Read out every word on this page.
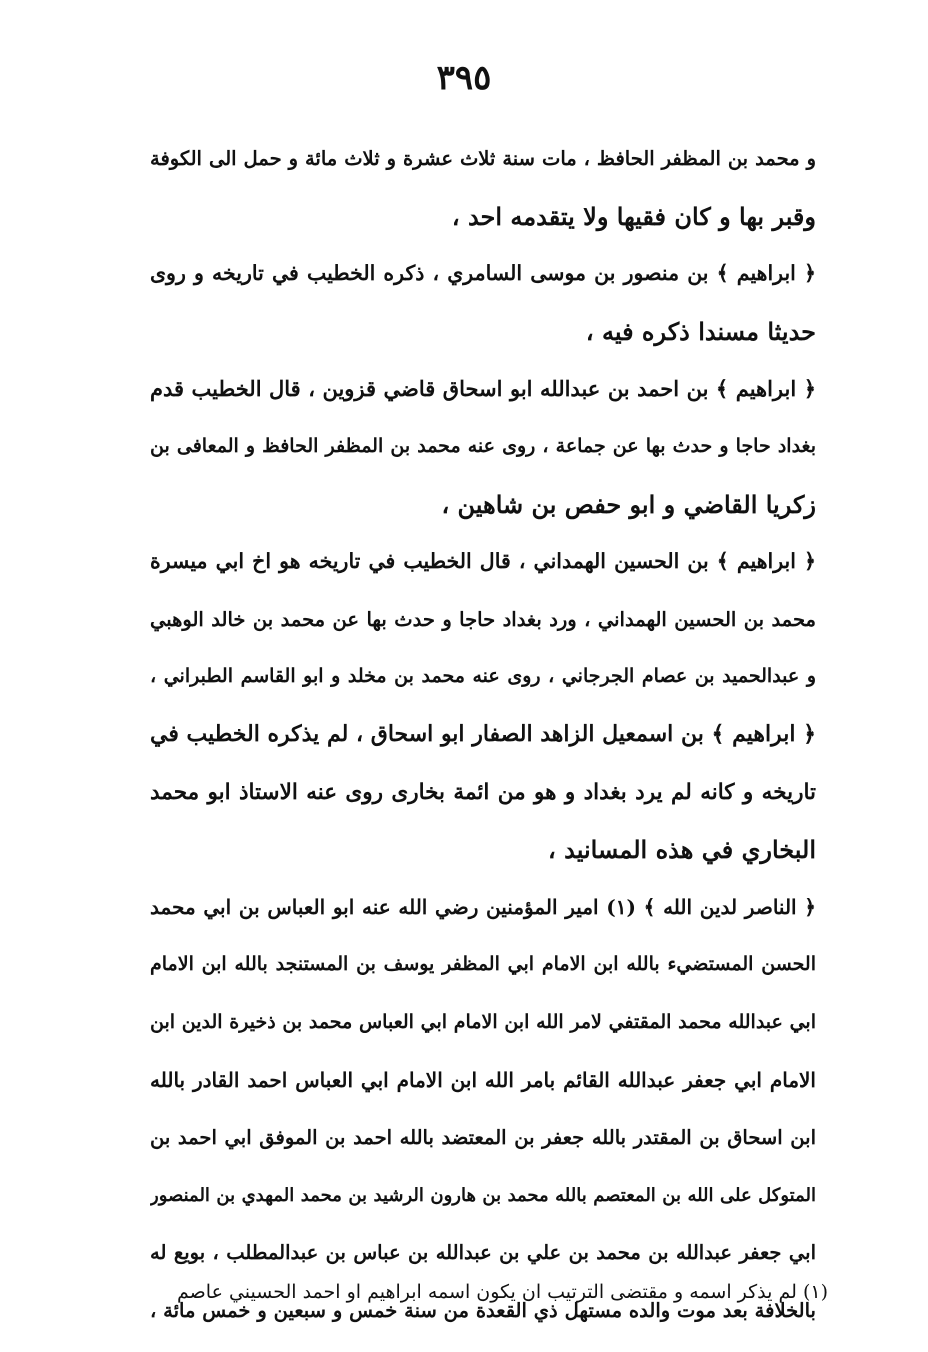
٣٩٥
و محمد بن المظفر الحافظ ، مات سنة ثلاث عشرة و ثلاث مائة و حمل الى الكوفة
وقبر بها و كان فقيها ولا يتقدمه احد ،
﴿ ابراهيم ﴾ بن منصور بن موسى السامري ، ذكره الخطيب في تاريخه و روى
حديثا مسندا ذكره فيه ،
﴿ ابراهيم ﴾ بن احمد بن عبدالله ابو اسحاق قاضي قزوين ، قال الخطيب قدم
بغداد حاجا و حدث بها عن جماعة ، روى عنه محمد بن المظفر الحافظ و المعافى بن
زكريا القاضي و ابو حفص بن شاهين ،
﴿ ابراهيم ﴾ بن الحسين الهمداني ، قال الخطيب في تاريخه هو اخ ابي ميسرة
محمد بن الحسين الهمداني ، ورد بغداد حاجا و حدث بها عن محمد بن خالد الوهبي
و عبدالحميد بن عصام الجرجاني ، روى عنه محمد بن مخلد و ابو القاسم الطبراني ،
﴿ ابراهيم ﴾ بن اسمعيل الزاهد الصفار ابو اسحاق ، لم يذكره الخطيب في
تاريخه و كانه لم يرد بغداد و هو من ائمة بخارى روى عنه الاستاذ ابو محمد
البخاري في هذه المسانيد ،
﴿ الناصر لدين الله ﴾ (١) امير المؤمنين رضي الله عنه ابو العباس بن ابي محمد
الحسن المستضيء بالله ابن الامام ابي المظفر يوسف بن المستنجد بالله ابن الامام
ابي عبدالله محمد المقتفي لامر الله ابن الامام ابي العباس محمد بن ذخيرة الدين ابن
الامام ابي جعفر عبدالله القائم بامر الله ابن الامام ابي العباس احمد القادر بالله
ابن اسحاق بن المقتدر بالله جعفر بن المعتضد بالله احمد بن الموفق ابي احمد بن
المتوكل على الله بن المعتصم بالله محمد بن هارون الرشيد بن محمد المهدي بن المنصور
ابي جعفر عبدالله بن محمد بن علي بن عبدالله بن عباس بن عبدالمطلب ، بويع له
بالخلافة بعد موت والده مستهل ذي القعدة من سنة خمس و سبعين و خمس مائة ،
(١) لم يذكر اسمه و مقتضى الترتيب ان يكون اسمه ابراهيم او احمد الحسيني عاصم
